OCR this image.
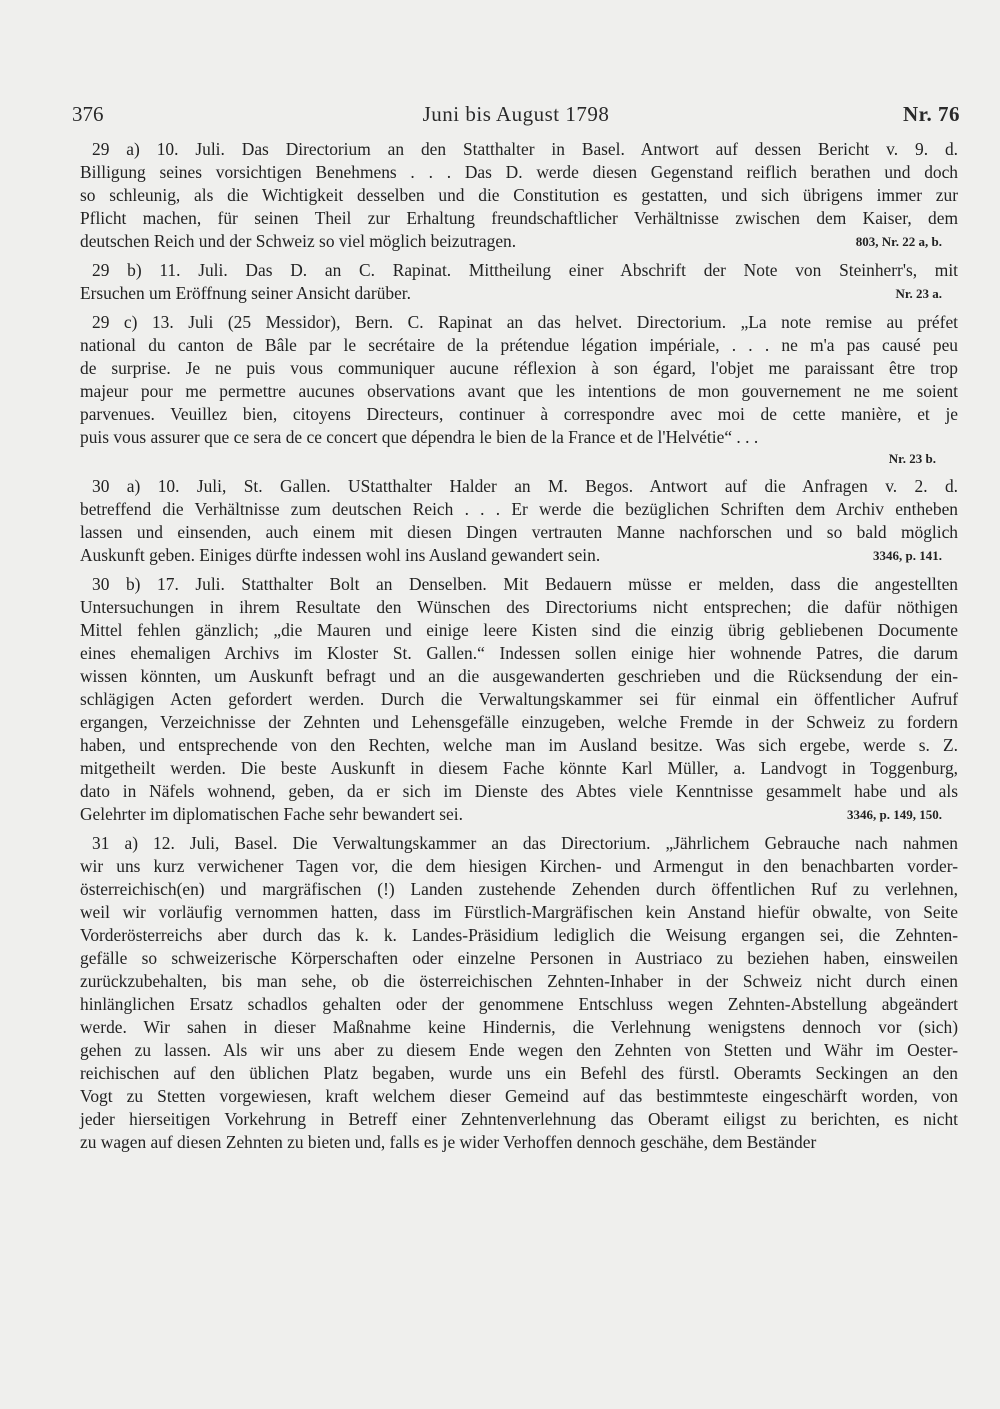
376	Juni bis August 1798	Nr. 76
29 a) 10. Juli. Das Directorium an den Statthalter in Basel. Antwort auf dessen Bericht v. 9. d.
Billigung seines vorsichtigen Benehmens . . . Das D. werde diesen Gegenstand reiflich berathen und doch
so schleunig, als die Wichtigkeit desselben und die Constitution es gestatten, und sich übrigens immer zur
Pflicht machen, für seinen Theil zur Erhaltung freundschaftlicher Verhältnisse zwischen dem Kaiser, dem
deutschen Reich und der Schweiz so viel möglich beizutragen.	803, Nr. 22 a, b.
29 b) 11. Juli. Das D. an C. Rapinat. Mittheilung einer Abschrift der Note von Steinherr's, mit
Ersuchen um Eröffnung seiner Ansicht darüber.	Nr. 23 a.
29 c) 13. Juli (25 Messidor), Bern. C. Rapinat an das helvet. Directorium. „La note remise au préfet
national du canton de Bâle par le secrétaire de la prétendue légation impériale, . . . ne m'a pas causé peu
de surprise. Je ne puis vous communiquer aucune réflexion à son égard, l'objet me paraissant être trop
majeur pour me permettre aucunes observations avant que les intentions de mon gouvernement ne me soient
parvenues. Veuillez bien, citoyens Directeurs, continuer à correspondre avec moi de cette manière, et je
puis vous assurer que ce sera de ce concert que dépendra le bien de la France et de l'Helvétie“ . . .
Nr. 23 b.
30 a) 10. Juli, St. Gallen. UStatthalter Halder an M. Begos. Antwort auf die Anfragen v. 2. d.
betreffend die Verhältnisse zum deutschen Reich . . . Er werde die bezüglichen Schriften dem Archiv entheben
lassen und einsenden, auch einem mit diesen Dingen vertrauten Manne nachforschen und so bald möglich
Auskunft geben. Einiges dürfte indessen wohl ins Ausland gewandert sein.	3346, p. 141.
30 b) 17. Juli. Statthalter Bolt an Denselben. Mit Bedauern müsse er melden, dass die angestellten
Untersuchungen in ihrem Resultate den Wünschen des Directoriums nicht entsprechen; die dafür nöthigen
Mittel fehlen gänzlich; „die Mauren und einige leere Kisten sind die einzig übrig gebliebenen Documente
eines ehemaligen Archivs im Kloster St. Gallen.“ Indessen sollen einige hier wohnende Patres, die darum
wissen könnten, um Auskunft befragt und an die ausgewanderten geschrieben und die Rücksendung der ein-
schlägigen Acten gefordert werden. Durch die Verwaltungskammer sei für einmal ein öffentlicher Aufruf
ergangen, Verzeichnisse der Zehnten und Lehensgefälle einzugeben, welche Fremde in der Schweiz zu fordern
haben, und entsprechende von den Rechten, welche man im Ausland besitze. Was sich ergebe, werde s. Z.
mitgetheilt werden. Die beste Auskunft in diesem Fache könnte Karl Müller, a. Landvogt in Toggenburg,
dato in Näfels wohnend, geben, da er sich im Dienste des Abtes viele Kenntnisse gesammelt habe und als
Gelehrter im diplomatischen Fache sehr bewandert sei.	3346, p. 149, 150.
31 a) 12. Juli, Basel. Die Verwaltungskammer an das Directorium. „Jährlichem Gebrauche nach nahmen
wir uns kurz verwichener Tagen vor, die dem hiesigen Kirchen- und Armengut in den benachbarten vorder-
österreichisch(en) und margräfischen (!) Landen zustehende Zehenden durch öffentlichen Ruf zu verlehnen,
weil wir vorläufig vernommen hatten, dass im Fürstlich-Margräfischen kein Anstand hiefür obwalte, von Seite
Vorderösterreichs aber durch das k. k. Landes-Präsidium lediglich die Weisung ergangen sei, die Zehnten-
gefälle so schweizerische Körperschaften oder einzelne Personen in Austriaco zu beziehen haben, einsweilen
zurückzubehalten, bis man sehe, ob die österreichischen Zehnten-Inhaber in der Schweiz nicht durch einen
hinlänglichen Ersatz schadlos gehalten oder der genommene Entschluss wegen Zehnten-Abstellung abgeändert
werde. Wir sahen in dieser Maßnahme keine Hindernis, die Verlehnung wenigstens dennoch vor (sich)
gehen zu lassen. Als wir uns aber zu diesem Ende wegen den Zehnten von Stetten und Währ im Oester-
reichischen auf den üblichen Platz begaben, wurde uns ein Befehl des fürstl. Oberamts Seckingen an den
Vogt zu Stetten vorgewiesen, kraft welchem dieser Gemeind auf das bestimmteste eingeschärft worden, von
jeder hierseitigen Vorkehrung in Betreff einer Zehntenverlehnung das Oberamt eiligst zu berichten, es nicht
zu wagen auf diesen Zehnten zu bieten und, falls es je wider Verhoffen dennoch geschähe, dem Beständer
